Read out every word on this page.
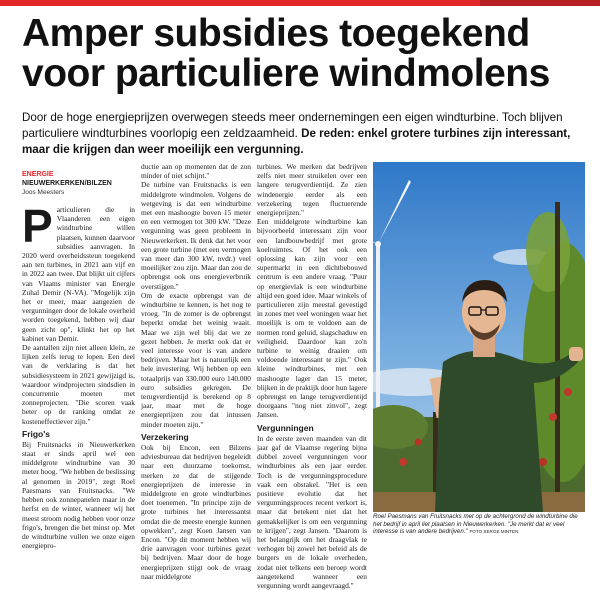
Amper subsidies toegekend voor particuliere windmolens
Door de hoge energieprijzen overwegen steeds meer ondernemingen een eigen windturbine. Toch blijven particuliere windturbines voorlopig een zeldzaamheid. De reden: enkel grotere turbines zijn interessant, maar die krijgen dan weer moeilijk een vergunning.
ENERGIE
NIEUWERKERKEN/BILZEN
Joos Meesters
P articulieren die in Vlaanderen een eigen windturbine willen plaatsen, kunnen daarvoor subsidies aanvragen. In 2020 werd overheidssteun toegekend aan ten turbines, in 2021 aan vijf en in 2022 aan twee. Dat blijkt uit cijfers van Vlaams minister van Energie Zuhal Demir (N-VA). "Mogelijk zijn het er meer, maar aangezien de vergunningen door de lokale overheid worden toegekend, hebben wij daar geen zicht op", klinkt het op het kabinet van Demir.

De aantallen zijn niet alleen klein, ze lijken zelfs terug te lopen. Een deel van de verklaring is dat het subsidiesysteem in 2021 gewijzigd is, waardoor windprojecten sindsdien in concurrentie moeten met zonneprojecten. "Die scoren vaak beter op de ranking omdat ze kosteneffectiever zijn."

Frigo's

Bij Fruitsnacks in Nieuwerkerken staat er sinds april wel een middelgrote windturbine van 30 meter hoog. "We hebben de beslissing al genomen in 2019", zegt Roel Paesmans van Fruitsnacks. "We hebben ook zonnepanelen maar in de herfst en de winter, wanneer wij het meest stroom nodig hebben voor onze frigo's, brengen die het minst op. Met de windturbine vullen we onze eigen energiepro-

ductie aan op momenten dat de zon minder of niet schijnt."

De turbine van Fruitsnacks is een middelgrote windmolen. Volgens de wetgeving is dat een windturbine met een mashoogte boven 15 meter en een vermogen tot 300 kW. "Deze vergunning was geen probleem in Nieuwerkerken. Ik denk dat het voor een grote turbine (met een vermogen van meer dan 300 kW, nvdr.) veel moeilijker zou zijn. Maar dan zou de opbrengst ook ons energieverbruik overstijgen."

Om de exacte opbrengst van de windturbine te kennen, is het nog te vroeg. "In de zomer is de opbrengst beperkt omdat het weinig waait. Maar we zijn wel blij dat we ze gezet hebben. Je merkt ook dat er veel interesse voor is van andere bedrijven. Maar het is natuurlijk een hele investering. Wij hebben op een totaalprijs van 330.000 euro 140.000 euro subsidies gekregen. De terugverdientijd is berekend op 8 jaar, maar met de hoge energieprijzen zou dat intussen minder moeten zijn."

Verzekering

Ook bij Encon, een Bilzens adviesbureau dat bedrijven begeleidt naar een duurzame toekomst, merken ze dat de stijgende energieprijzen de interesse in middelgrote en grote windturbines doet toenemen. "In principe zijn de grote turbines het interessantst omdat die de meeste energie kunnen opwekken", zegt Koen Jansen van Encon. "Op dit moment hebben wij drie aanvragen voor turbines gezet bij bedrijven. Maar door de hoge energieprijzen stijgt ook de vraag naar middelgrote

turbines. We merken dat bedrijven zelfs niet meer struikelen over een langere terugverdientijd. Ze zien windenergie eerder als een verzekering tegen fluctuerende energieprijzen."

Een middelgrote windturbine kan bijvoorbeeld interessant zijn voor een landbouwbedrijf met grote koelruimtes. Of het ook een oplossing kan zijn voor een supermarkt in een dichtbebouwd centrum is een andere vraag. "Puur op energievlak is een windturbine altijd een goed idee. Maar winkels of particulieren zijn meestal gevestigd in zones met veel woningen waar het moeilijk is om te voldoen aan de normen rond geluid, slagschaduw en veiligheid. Daardoor kan zo'n turbine te weinig draaien om voldoende interessant te zijn." Ook kleine windturbines, met een mashoogte lager dan 15 meter, blijken in de praktijk door hun lagere opbrengst en lange terugverdientijd doorgaans "nog niet zinvol", zegt Jansen.

Vergunningen

In de eerste zeven maanden van dit jaar gaf de Vlaamse regering bijna dubbel zoveel vergunningen voor windturbines als een jaar eerder. Toch is de vergunningsprocedure vaak een obstakel. "Het is een positieve evolutie dat het vergunningsproces recent verkort is, maar dat betekent niet dat het gemakkelijker is om een vergunning te krijgen", zegt Jansen. "Daarom is het belangrijk om het draagvlak te verhogen bij zowel het beleid als de burgers en de lokale overheden, zodat niet telkens een beroep wordt aangetekend wanneer een vergunning wordt aangevraagd."

Roel Paesmans van Fruitsnacks met op de achtergrond de windturbine die het bedrijf in april liet plaatsen in Nieuwerkerken. "Je merkt dat er veel interesse is van andere bedrijven." FOTO SERGE MINTEN
